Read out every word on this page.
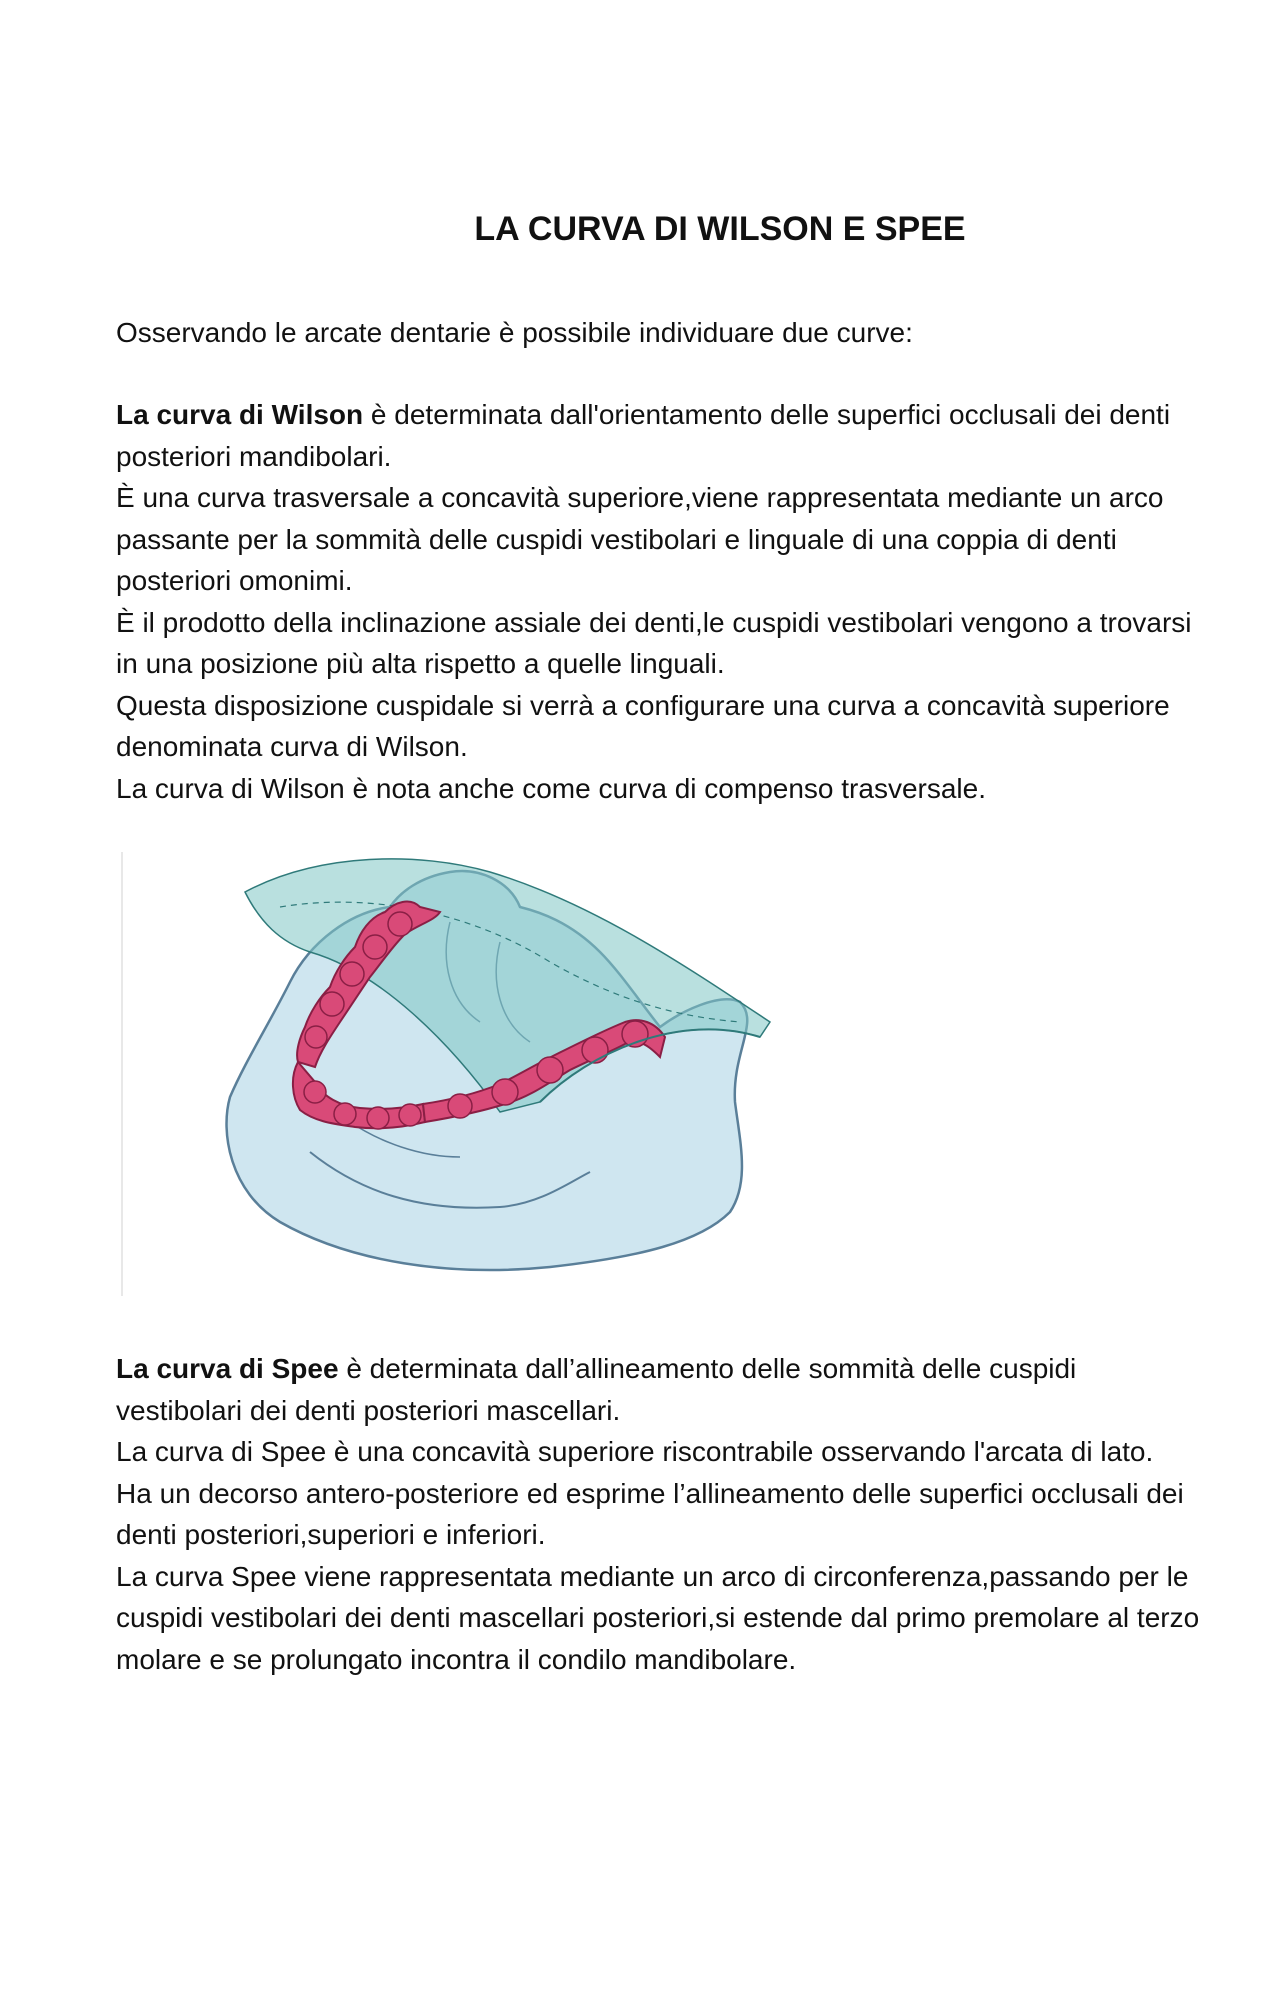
LA CURVA DI WILSON E SPEE

Osservando le arcate dentarie è possibile individuare due curve:

La curva di Wilson è determinata dall'orientamento delle superfici occlusali dei denti posteriori mandibolari.

È una curva trasversale a concavità superiore,viene rappresentata mediante un arco passante per la sommità delle cuspidi vestibolari e linguale di una coppia di denti posteriori omonimi.

È il prodotto della inclinazione assiale dei denti,le cuspidi vestibolari vengono a trovarsi in una posizione più alta rispetto a quelle linguali.

Questa disposizione cuspidale si verrà a configurare una curva a concavità superiore denominata curva di Wilson.

La curva di Wilson è nota anche come curva di compenso trasversale.

La curva di Spee è determinata dall’allineamento delle sommità delle cuspidi vestibolari dei denti posteriori mascellari.

La curva di Spee è una concavità superiore riscontrabile osservando l'arcata di lato.

Ha un decorso antero-posteriore ed esprime l’allineamento delle superfici occlusali dei denti posteriori,superiori e inferiori.

La curva Spee viene rappresentata mediante un arco di circonferenza,passando per le cuspidi vestibolari dei denti mascellari posteriori,si estende dal primo premolare al terzo molare e se prolungato incontra il condilo mandibolare.
